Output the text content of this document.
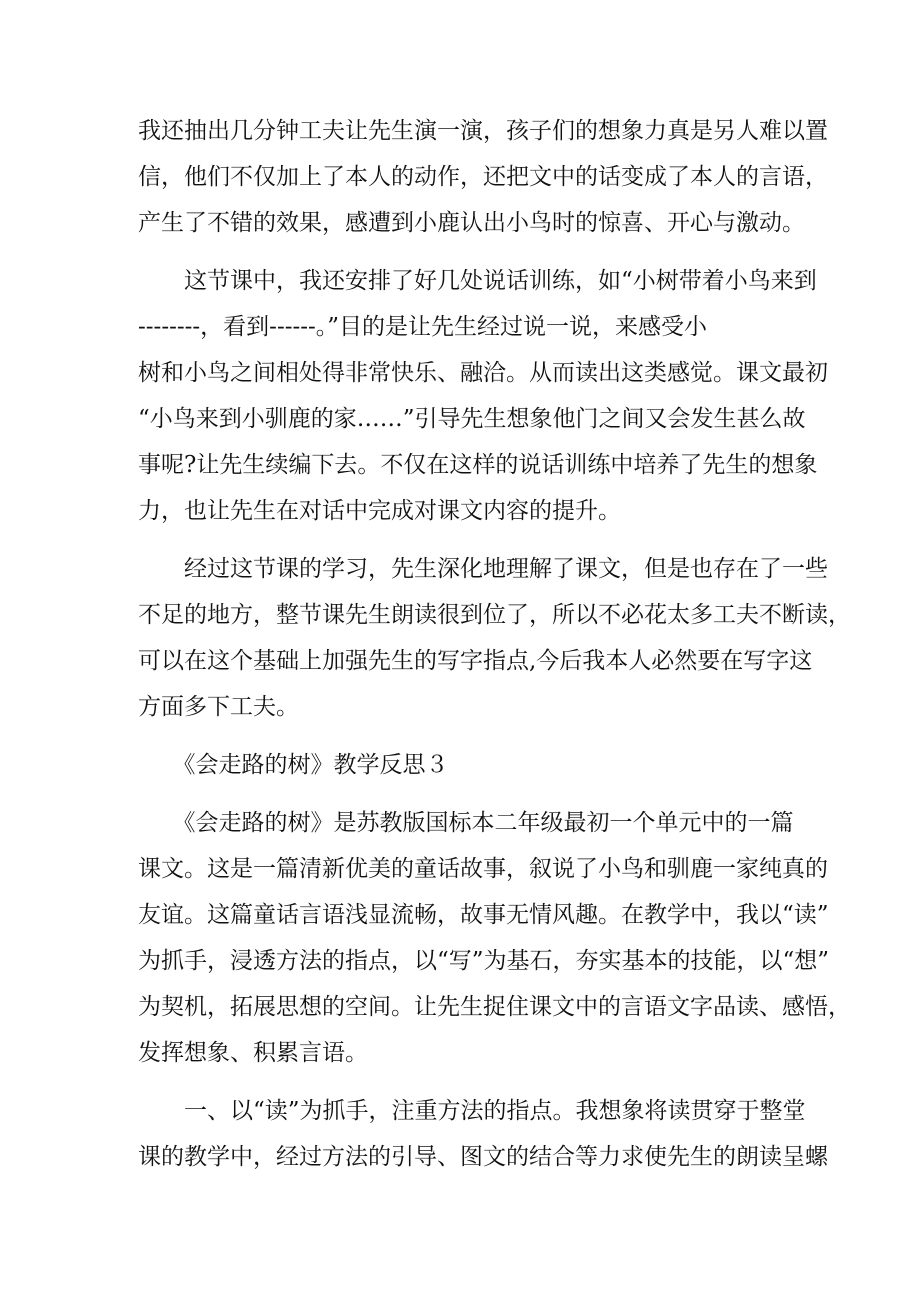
我还抽出几分钟工夫让先生演一演，孩子们的想象力真是另人难以置
信，他们不仅加上了本人的动作，还把文中的话变成了本人的言语，
产生了不错的效果，感遭到小鹿认出小鸟时的惊喜、开心与激动。
　　这节课中，我还安排了好几处说话训练，如“小树带着小鸟来到
--------，看到------。”目的是让先生经过说一说，来感受小
树和小鸟之间相处得非常快乐、融洽。从而读出这类感觉。课文最初
“小鸟来到小驯鹿的家……”引导先生想象他门之间又会发生甚么故
事呢?让先生续编下去。不仅在这样的说话训练中培养了先生的想象
力，也让先生在对话中完成对课文内容的提升。
　　经过这节课的学习，先生深化地理解了课文，但是也存在了一些
不足的地方，整节课先生朗读很到位了，所以不必花太多工夫不断读，
可以在这个基础上加强先生的写字指点,今后我本人必然要在写字这
方面多下工夫。
　　《会走路的树》教学反思３
　　《会走路的树》是苏教版国标本二年级最初一个单元中的一篇
课文。这是一篇清新优美的童话故事，叙说了小鸟和驯鹿一家纯真的
友谊。这篇童话言语浅显流畅，故事无情风趣。在教学中，我以“读”
为抓手，浸透方法的指点，以“写”为基石，夯实基本的技能，以“想”
为契机，拓展思想的空间。让先生捉住课文中的言语文字品读、感悟，
发挥想象、积累言语。
　　一、以“读”为抓手，注重方法的指点。我想象将读贯穿于整堂
课的教学中，经过方法的引导、图文的结合等力求使先生的朗读呈螺
